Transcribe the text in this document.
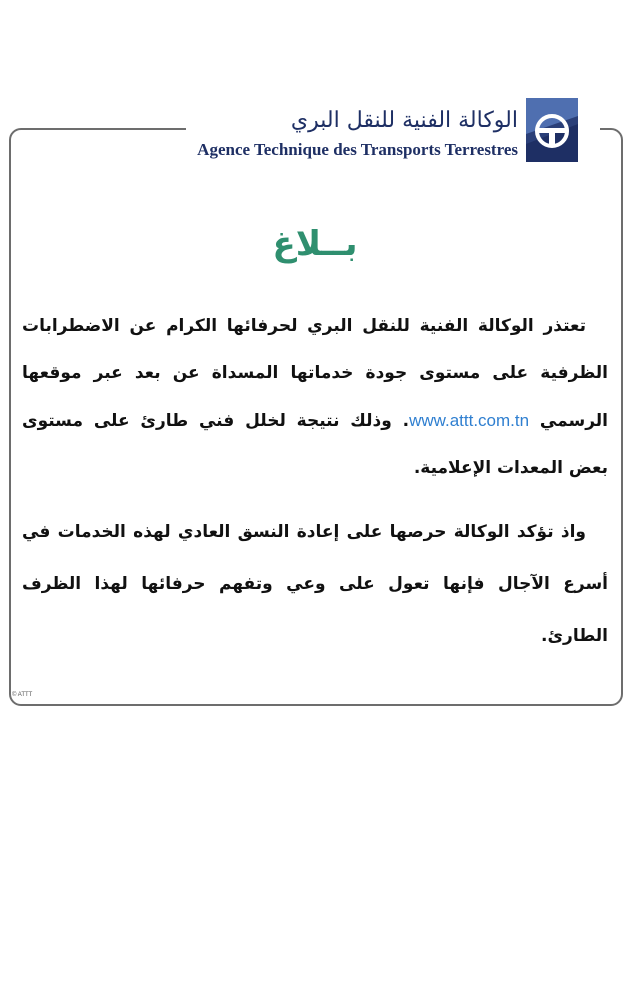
الوكالة الفنية للنقل البري
Agence Technique des Transports Terrestres
بــلاغ

تعتذر الوكالة الفنية للنقل البري لحرفائها الكرام عن الاضطرابات الظرفية على مستوى جودة خدماتها المسداة عن بعد عبر موقعها الرسمي www.attt.com.tn. وذلك نتيجة لخلل فني طارئ على مستوى بعض المعدات الإعلامية.

واذ تؤكد الوكالة حرصها على إعادة النسق العادي لهذه الخدمات في أسرع الآجال فإنها تعول على وعي وتفهم حرفائها لهذا الظرف الطارئ.

© ATTT
